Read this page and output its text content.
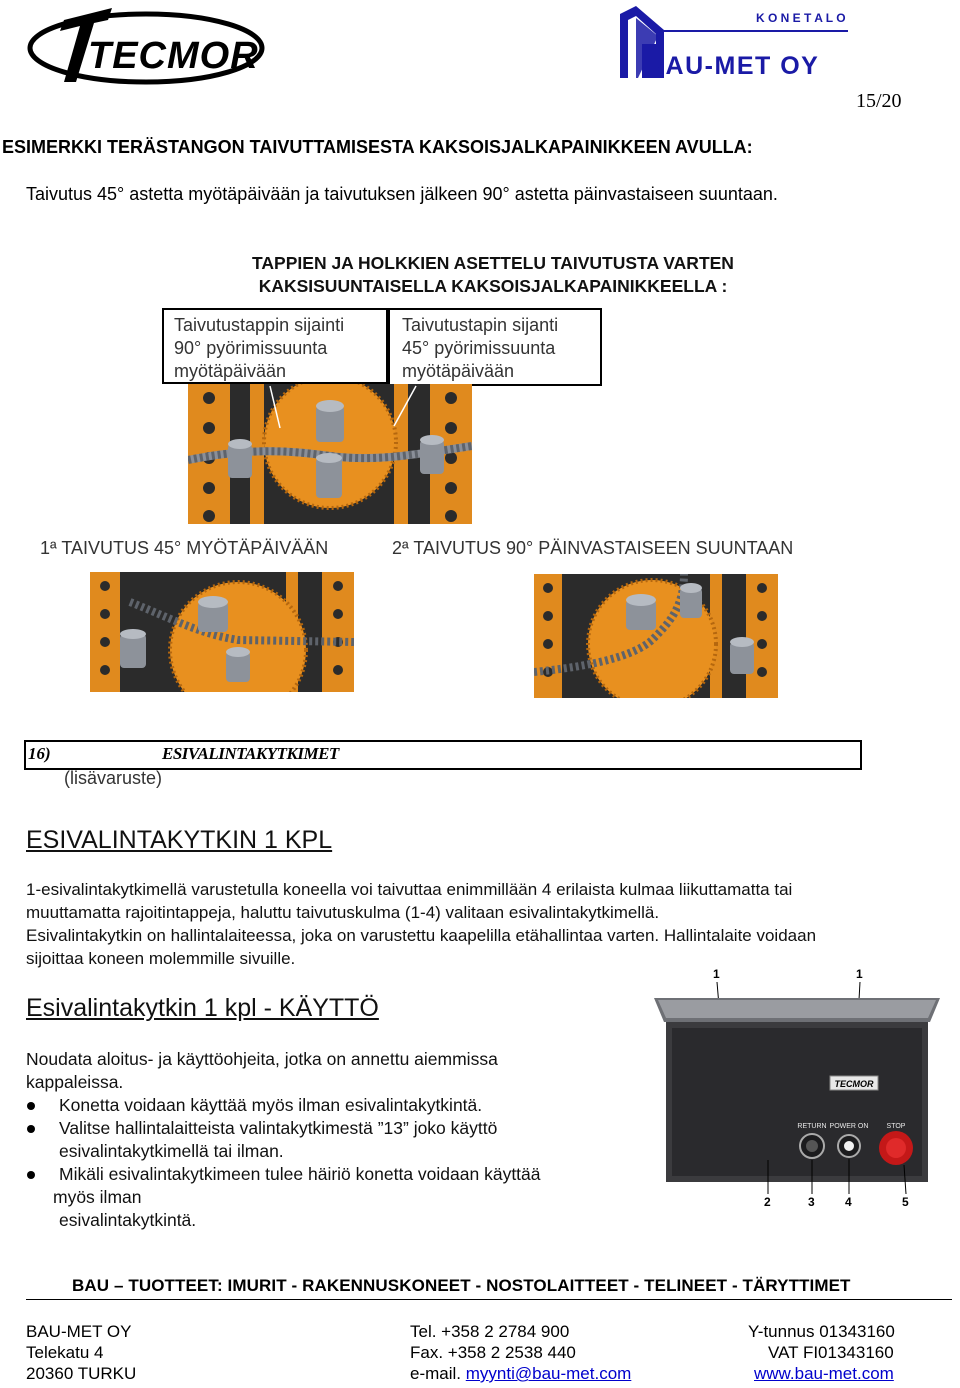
TECMOR
K O N E T A L O
BAU-MET OY
15/20
ESIMERKKI TERÄSTANGON TAIVUTTAMISESTA KAKSOISJALKAPAINIKKEEN AVULLA:
Taivutus 45° astetta myötäpäivään ja taivutuksen jälkeen 90° astetta päinvastaiseen suuntaan.
TAPPIEN JA HOLKKIEN ASETTELU TAIVUTUSTA VARTEN
KAKSISUUNTAISELLA KAKSOISJALKAPAINIKKEELLA :
Taivutustappin sijainti
90° pyörimissuunta
myötäpäivään
Taivutustapin sijanti
45° pyörimissuunta
myötäpäivään
1ª TAIVUTUS 45° MYÖTÄPÄIVÄÄN	2ª TAIVUTUS 90° PÄINVASTAISEEN SUUNTAAN
16)	ESIVALINTAKYTKIMET
(lisävaruste)
ESIVALINTAKYTKIN 1 KPL
1-esivalintakytkimellä varustetulla koneella voi taivuttaa enimmillään 4 erilaista kulmaa liikuttamatta tai
muuttamatta rajoitintappeja, haluttu taivutuskulma (1-4) valitaan esivalintakytkimellä.
Esivalintakytkin on hallintalaiteessa, joka on varustettu kaapelilla etähallintaa varten. Hallintalaite voidaan
sijoittaa koneen molemmille sivuille.
Esivalintakytkin 1 kpl - KÄYTTÖ
1	1
TECMOR
RETURN POWER ON	STOP
2	3	4	5
Noudata aloitus- ja käyttöohjeita, jotka on annettu aiemmissa
kappaleissa.
Konetta voidaan käyttää myös ilman esivalintakytkintä.
Valitse hallintalaitteista valintakytkimestä ”13” joko käyttö
esivalintakytkimellä tai ilman.
Mikäli esivalintakytkimeen tulee häiriö konetta voidaan käyttää
myös ilman
esivalintakytkintä.
BAU – TUOTTEET: IMURIT - RAKENNUSKONEET - NOSTOLAITTEET - TELINEET - TÄRYTTIMET
BAU-MET OY
Telekatu 4
20360 TURKU
Tel. +358 2 2784 900
Fax. +358 2 2538 440
e-mail. myynti@bau-met.com
Y-tunnus 01343160
VAT FI01343160
www.bau-met.com
